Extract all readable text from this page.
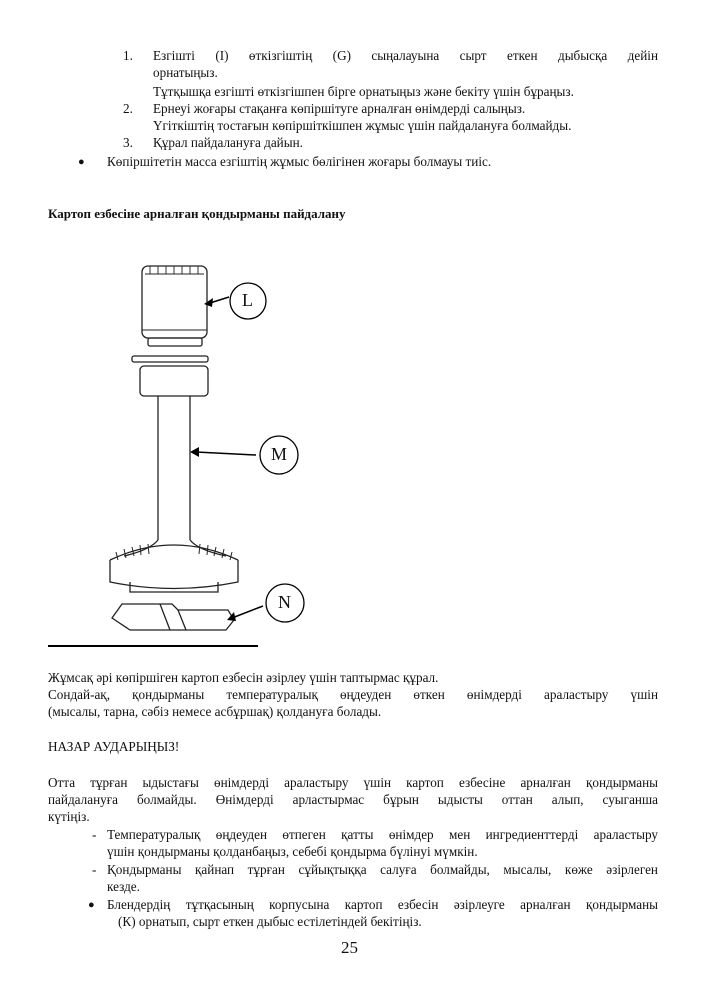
1. Езгішті (I) өткізгіштің (G) сыңалауына сырт еткен дыбысқа дейін
орнатыңыз.
Тұтқышқа езгішті өткізгішпен бірге орнатыңыз және бекіту үшін бұраңыз.
2. Ернеуі жоғары стақанға көпіршітуге арналған өнімдерді салыңыз.
Үгіткіштің тостағын көпіршіткішпен жұмыс үшін пайдалануға болмайды.
3. Құрал пайдалануға дайын.
● Көпіршітетін масса езгіштің жұмыс бөлігінен жоғары болмауы тиіс.
Картоп езбесіне арналған қондырманы пайдалану
L
M
N
Жұмсақ әрі көпіршіген картоп езбесін әзірлеу үшін таптырмас құрал.
Сондай-ақ, қондырманы температуралық өңдеуден өткен өнімдерді араластыру үшін
(мысалы, тарна, сәбіз немесе асбұршақ) қолдануға болады.
НАЗАР АУДАРЫҢЫЗ!
Отта тұрған ыдыстағы өнімдерді араластыру үшін картоп езбесіне арналған қондырманы
пайдалануға болмайды. Өнімдерді арластырмас бұрын ыдысты оттан алып, суыганша
күтіңіз.
- Температуралық өңдеуден өтпеген қатты өнімдер мен ингредиенттерді араластыру
үшін қондырманы қолданбаңыз, себебі қондырма бүлінуі мүмкін.
- Қондырманы қайнап тұрған сұйықтыққа салуға болмайды, мысалы, көже әзірлеген
кезде.
● Блендердің тұтқасының корпусына картоп езбесін әзірлеуге арналған қондырманы
(К) орнатып, сырт еткен дыбыс естілетіндей бекітіңіз.
25
